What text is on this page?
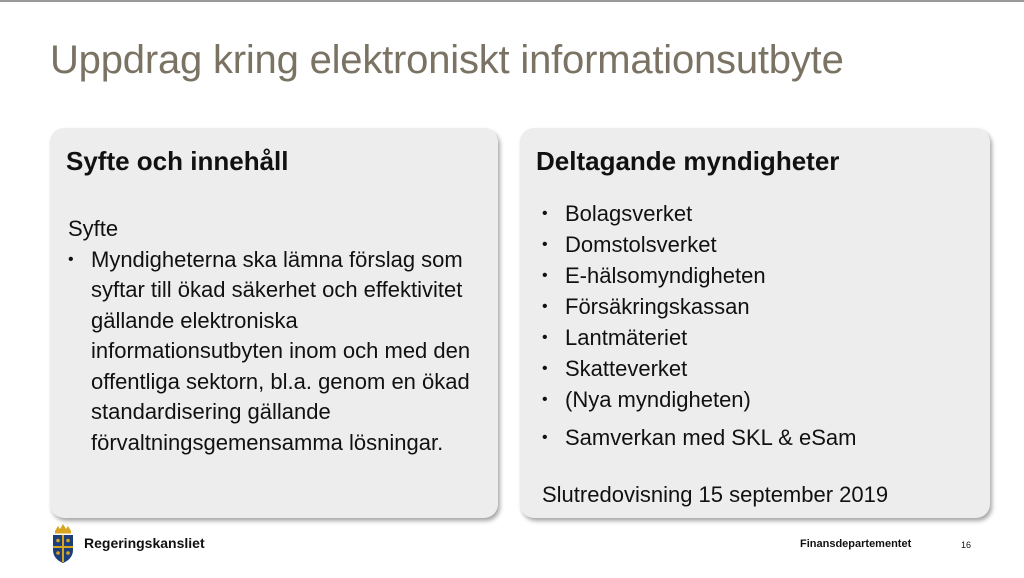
Uppdrag kring elektroniskt informationsutbyte
Syfte och innehåll
Syfte
• Myndigheterna ska lämna förslag som syftar till ökad säkerhet och effektivitet gällande elektroniska informationsutbyten inom och med den offentliga sektorn, bl.a. genom en ökad standardisering gällande förvaltningsgemensamma lösningar.
Deltagande myndigheter
• Bolagsverket
• Domstolsverket
• E-hälsomyndigheten
• Försäkringskassan
• Lantmäteriet
• Skatteverket
• (Nya myndigheten)
• Samverkan med SKL & eSam
Slutredovisning 15 september 2019
Regeringskansliet	Finansdepartementet	16
